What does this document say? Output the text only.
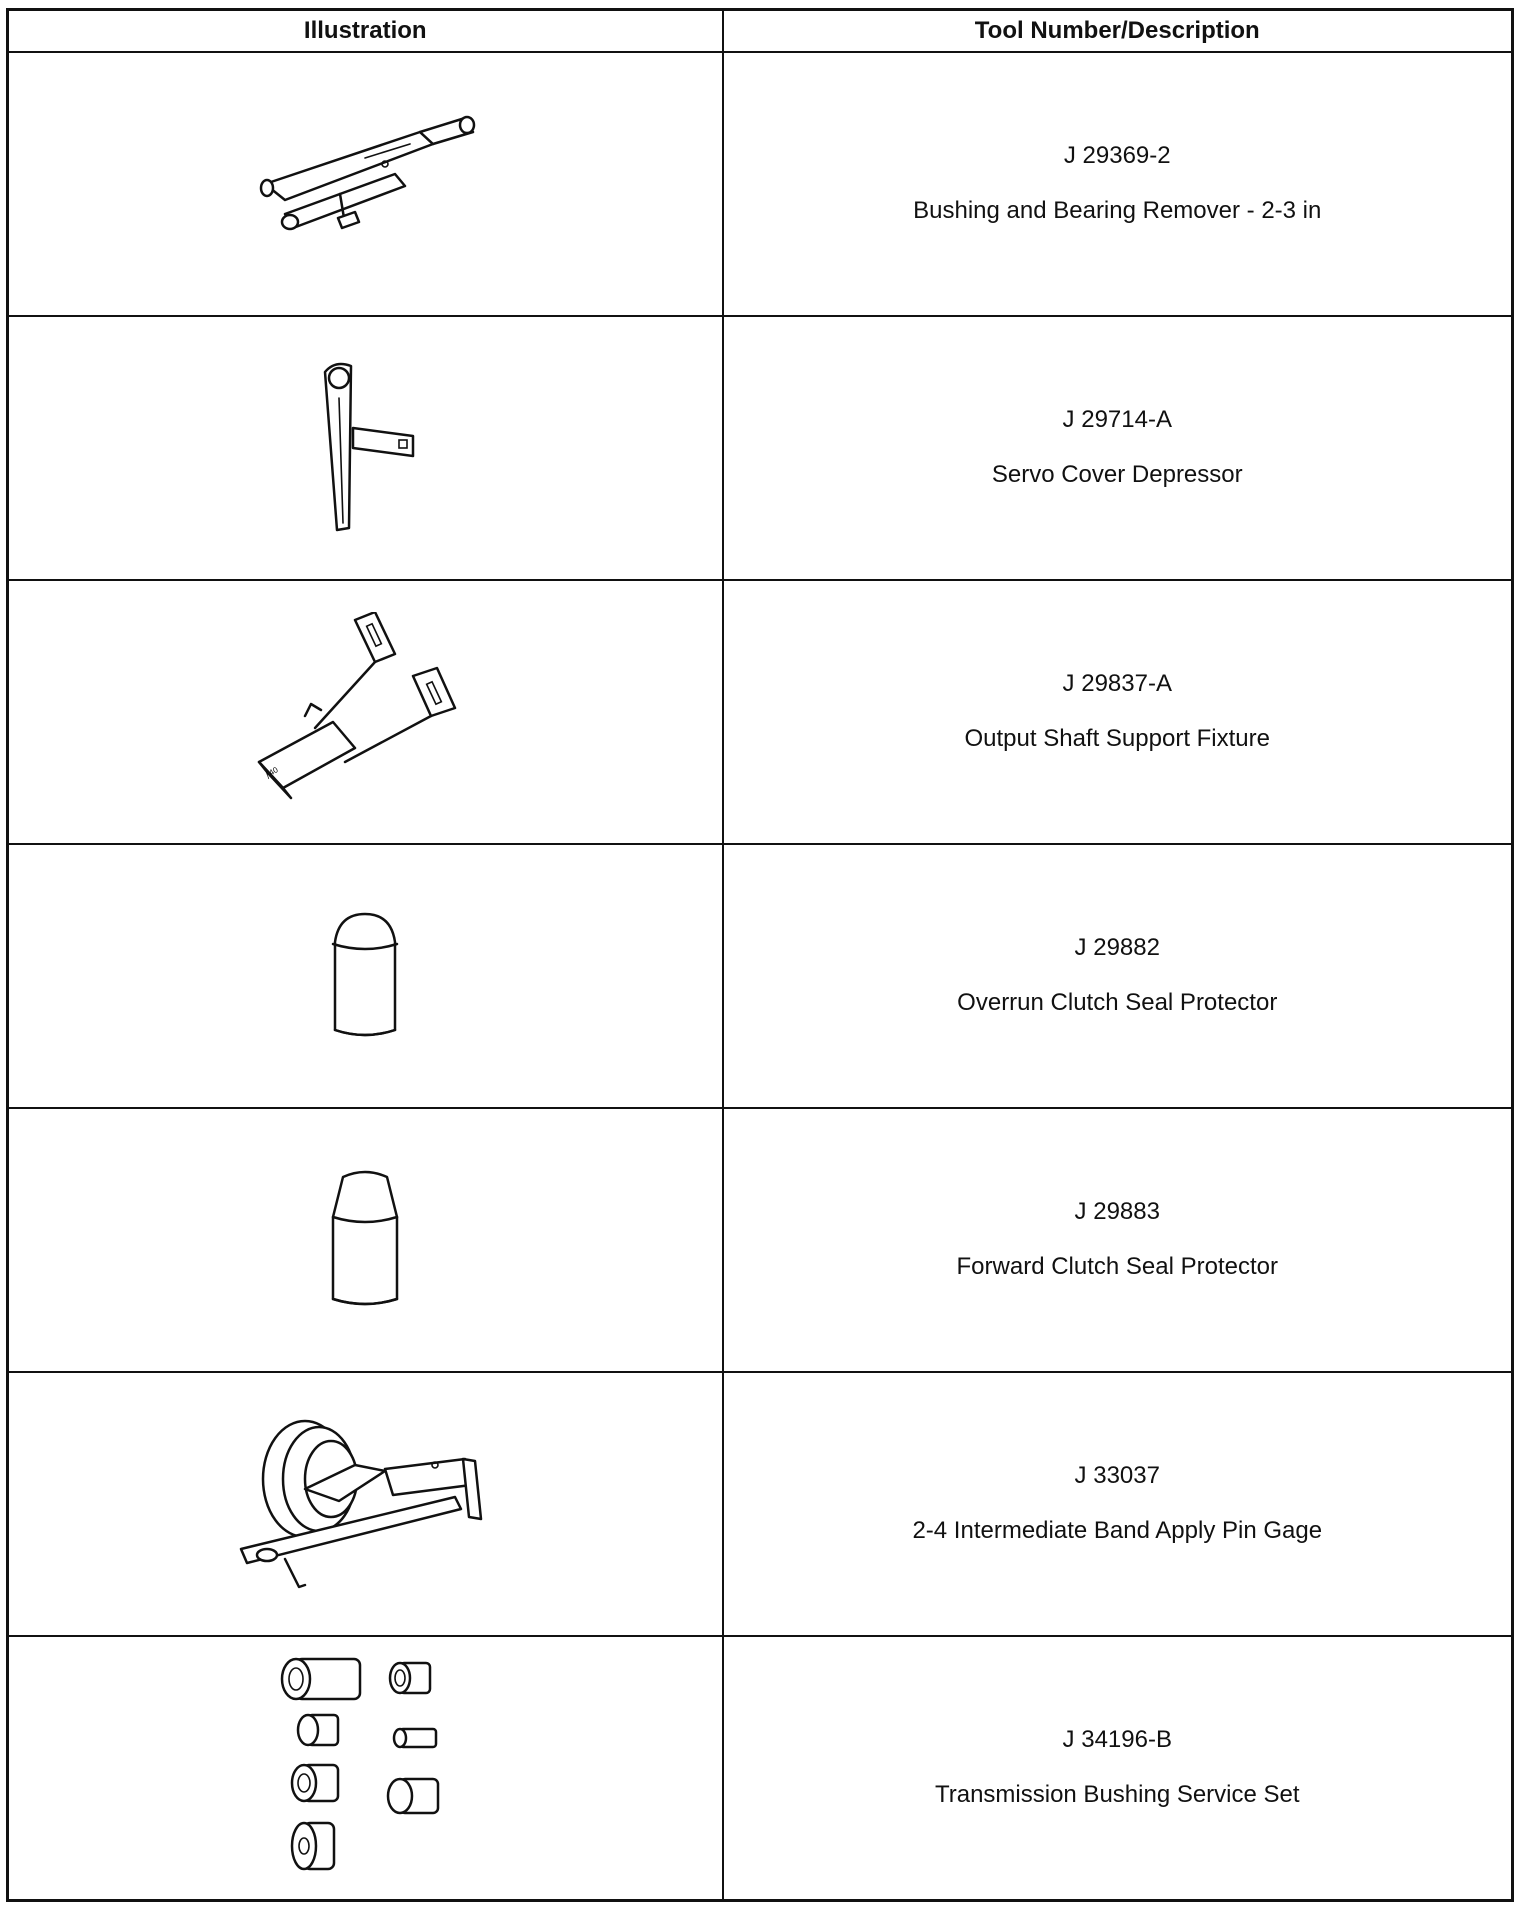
Illustration	Tool Number/Description

J 29369-2
Bushing and Bearing Remover - 2-3 in

J 29714-A
Servo Cover Depressor

ƒ40	J 29837-A
Output Shaft Support Fixture

J 29882
Overrun Clutch Seal Protector

J 29883
Forward Clutch Seal Protector

J 33037
2-4 Intermediate Band Apply Pin Gage

J 34196-B
Transmission Bushing Service Set
